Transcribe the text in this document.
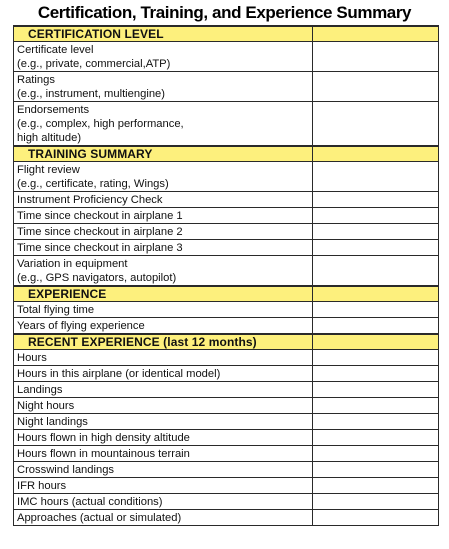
Certification, Training, and Experience Summary
CERTIFICATION LEVEL	

Certificate level
(e.g., private, commercial,ATP)	

Ratings
(e.g., instrument, multiengine)	

Endorsements
(e.g., complex, high performance,
high altitude)	

TRAINING SUMMARY	

Flight review
(e.g., certificate, rating, Wings)	

Instrument Proficiency Check	

Time since checkout in airplane 1	

Time since checkout in airplane 2	

Time since checkout in airplane 3	

Variation in equipment
(e.g., GPS navigators, autopilot)	

EXPERIENCE	

Total flying time	

Years of flying experience	

RECENT EXPERIENCE (last 12 months)	

Hours	

Hours in this airplane (or identical model)	

Landings	

Night hours	

Night landings	

Hours flown in high density altitude	

Hours flown in mountainous terrain	

Crosswind landings	

IFR hours	

IMC hours (actual conditions)	

Approaches (actual or simulated)	
